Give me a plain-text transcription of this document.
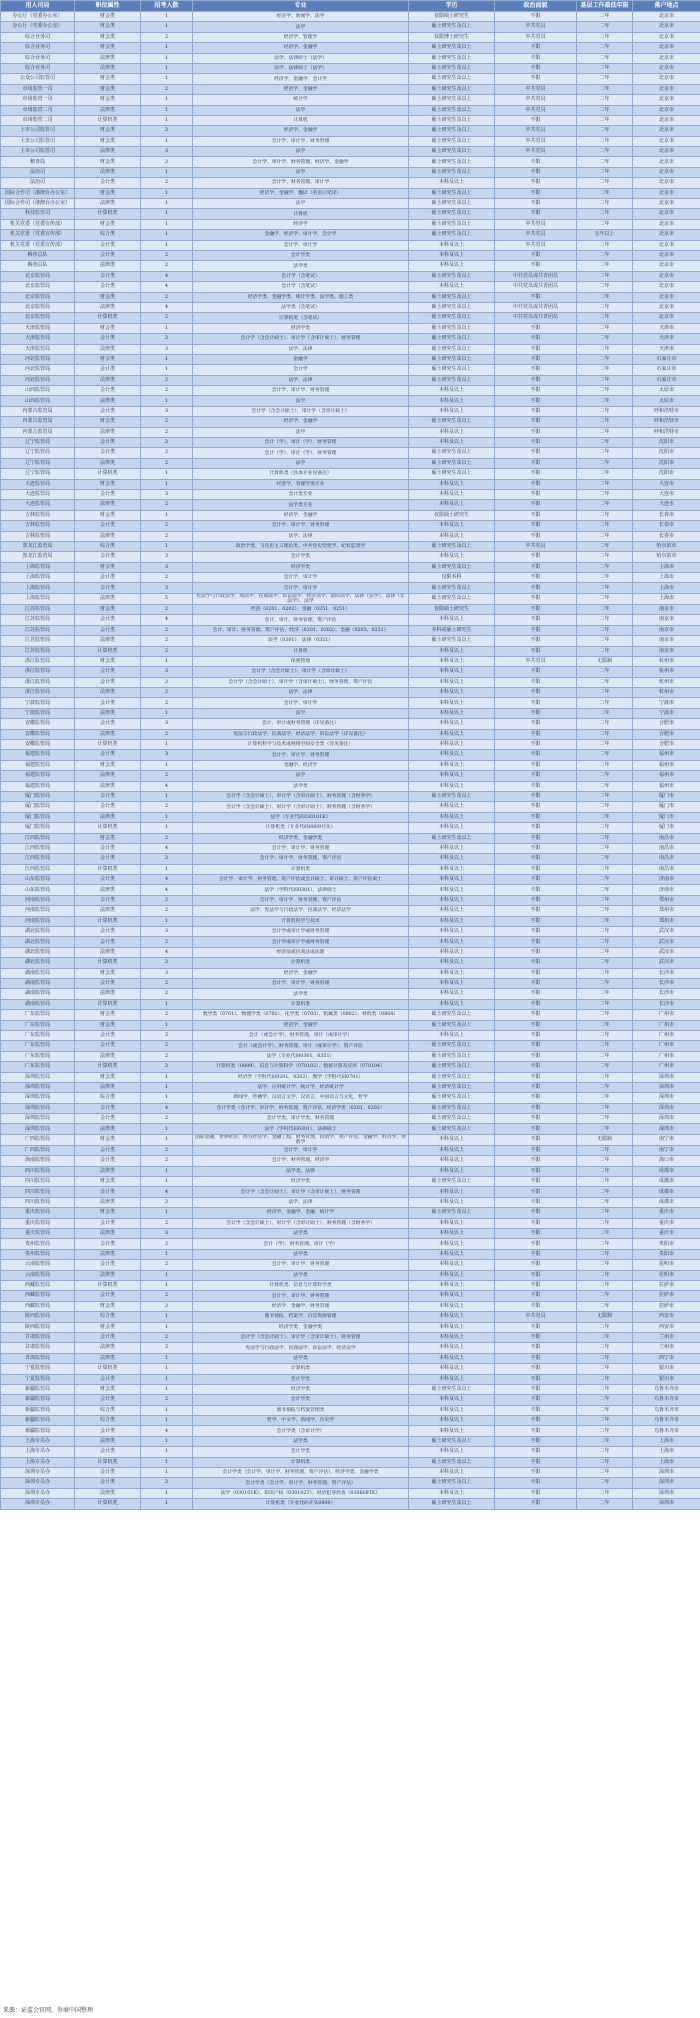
用人司局	职位属性	招考人数	专业	学历	政治面貌	基层工作最低年限	落户地点
办公厅（党委办公室）	财会类	1	经济学、新闻学、法学	仅限硕士研究生	不限	二年	北京市
办公厅（党委办公室）	财会类	1	法学	硕士研究生及以上	中共党员	二年	北京市
综合业务司	财会类	2	经济学、管理学	仅限博士研究生	中共党员	二年	北京市
综合业务司	财会类	1	经济学、金融学	硕士研究生及以上	不限	二年	北京市
综合业务司	法律类	1	法学、法律硕士（法学）	硕士研究生及以上	不限	二年	北京市
综合业务司	法律类	1	法学、法律硕士（法学）	硕士研究生及以上	不限	二年	北京市
公众公司监管司	财会类	1	经济学、金融学、会计学	硕士研究生及以上	不限	二年	北京市
市场监管一司	财会类	2	经济学、金融学	硕士研究生及以上	中共党员	二年	北京市
市场监管一司	财会类	1	统计学	硕士研究生及以上	中共党员	二年	北京市
市场监管二司	法律类	1	法学	硕士研究生及以上	中共党员	二年	北京市
市场监管二司	计算机类	1	计算机	硕士研究生及以上	不限	二年	北京市
上市公司监管司	财会类	2	经济学、金融学	硕士研究生及以上	中共党员	二年	北京市
上市公司监管司	财会类	1	会计学、审计学、财务管理	硕士研究生及以上	中共党员	二年	北京市
上市公司监管司	法律类	3	法学	硕士研究生及以上	中共党员	二年	北京市
稽查局	财会类	2	会计学、审计学、财务管理、经济学、金融学	硕士研究生及以上	不限	二年	北京市
法治司	法律类	1	法学	硕士研究生及以上	不限	二年	北京市
法治司	会计类	2	会计学、财务管理、审计学	本科及以上	不限	二年	北京市
国际合作司（港澳台办公室）	财会类	1	经济学、金融学、翻译（英语口笔译）	硕士研究生及以上	不限	二年	北京市
国际合作司（港澳台办公室）	法律类	1	法学	硕士研究生及以上	不限	二年	北京市
科技监管司	计算机类	1	计算机	硕士研究生及以上	不限	二年	北京市
机关党委（党委宣传部）	财会类	1	经济学	硕士研究生及以上	中共党员	二年	北京市
机关党委（党委宣传部）	综合类	1	金融学、经济学、审计学、会计学	硕士研究生及以上	中共党员	五年以上	北京市
机关党委（党委宣传部）	会计类	1	会计学、审计学	本科及以上	中共党员	二年	北京市
稽查总队	会计类	2	会计学类	本科及以上	不限	二年	北京市
稽查总队	法律类	2	法学类	本科及以上	不限	二年	北京市
北京监管局	会计类	4	会计学（含笔试）	硕士研究生及以上	中共党员或共青团员	二年	北京市
北京监管局	会计类	4	会计学（含笔试）	本科及以上	中共党员或共青团员	二年	北京市
北京监管局	财会类	2	经济学类、金融学类、统计学类、法学类、理工类	硕士研究生及以上	不限	二年	北京市
北京监管局	法律类	4	法学类（含笔试）	硕士研究生及以上	中共党员或共青团员	二年	北京市
北京监管局	计算机类	2	计算机类（含笔试）	硕士研究生及以上	中共党员或共青团员	二年	北京市
天津监管局	财会类	1	经济学类	硕士研究生及以上	不限	二年	天津市
天津监管局	会计类	2	会计学（含会计硕士）、审计学（含审计硕士）、财务管理	硕士研究生及以上	不限	二年	天津市
天津监管局	法律类	3	法学、法律	硕士研究生及以上	不限	二年	天津市
河北监管局	财会类	1	金融学	硕士研究生及以上	不限	二年	石家庄市
河北监管局	会计类	1	会计学	硕士研究生及以上	不限	二年	石家庄市
河北监管局	法律类	2	法学、法律	硕士研究生及以上	不限	二年	石家庄市
山西监管局	会计类	2	会计学、审计学、财务管理	本科及以上	不限	二年	太原市
山西监管局	法律类	1	法学	本科及以上	不限	二年	太原市
内蒙古监管局	会计类	3	会计学（含会计硕士）、审计学（含审计硕士）	本科及以上	不限	二年	呼和浩特市
内蒙古监管局	财会类	2	经济学、金融学	硕士研究生及以上	不限	二年	呼和浩特市
内蒙古监管局	法律类	2	法学	本科及以上	不限	二年	呼和浩特市
辽宁监管局	会计类	2	会计（学）、审计（学）、财务管理	本科及以上	不限	二年	沈阳市
辽宁监管局	会计类	2	会计（学）、审计（学）、财务管理	硕士研究生及以上	不限	二年	沈阳市
辽宁监管局	法律类	2	法学	硕士研究生及以上	不限	二年	沈阳市
辽宁监管局	计算机类	1	计算机类（具体专业见备注）	硕士研究生及以上	不限	二年	沈阳市
大连监管局	财会类	1	经济学、管理学类专业	本科及以上	不限	二年	大连市
大连监管局	会计类	3	会计类专业	本科及以上	不限	二年	大连市
大连监管局	法律类	2	法学类专业	本科及以上	不限	二年	大连市
吉林监管局	财会类	1	经济学、金融学	仅限硕士研究生	不限	二年	长春市
吉林监管局	会计类	2	会计学、审计学、财务管理	本科及以上	不限	二年	长春市
吉林监管局	法律类	2	法学、法律	本科及以上	不限	二年	长春市
黑龙江监管局	综合类	1	政治学类、马克思主义理论类、中共党史党建学、纪检监察学	硕士研究生及以上	中共党员	二年	哈尔滨市
黑龙江监管局	会计类	3	会计学类	本科及以上	不限	二年	哈尔滨市
上海监管局	财会类	3	经济学类	硕士研究生及以上	不限	二年	上海市
上海监管局	会计类	2	会计学、审计学	仅限本科	不限	二年	上海市
上海监管局	会计类	3	会计学、审计学	硕士研究生及以上	不限	二年	上海市
上海监管局	法律类	5	宪法学与行政法学、刑法学、民商法学、诉讼法学、经济法学、国际法学、法律（法学）、法律（非法学）、法学	硕士研究生及以上	不限	二年	上海市
江苏监管局	财会类	2	经济（0201、0202）、金融（0251、0251）	仅限硕士研究生	不限	二年	南京市
江苏监管局	会计类	4	会计、审计、财务管理、资产评估	本科及以上	不限	二年	南京市
江苏监管局	会计类	2	会计、审计、财务管理、资产评估、经济（0201、0202）、金融（0203、0251）	本科或硕士研究生	不限	二年	南京市
江苏监管局	法律类	2	法学（0301）、法律（0351）	硕士研究生及以上	不限	二年	南京市
江苏监管局	计算机类	2	计算机	本科及以上	不限	二年	南京市
浙江监管局	财会类	1	保密管理	本科及以上	中共党员	无限制	杭州市
浙江监管局	会计类	3	会计学（含会计硕士）、审计学（含审计硕士）	本科及以上	不限	二年	杭州市
浙江监管局	会计类	2	会计学（含会计硕士）、审计学（含审计硕士）、财务管理、资产评估	本科及以上	不限	二年	杭州市
浙江监管局	法律类	2	法学、法律	本科及以上	不限	二年	杭州市
宁波监管局	会计类	2	会计学、审计学	本科及以上	不限	二年	宁波市
宁波监管局	法律类	1	法学	本科及以上	不限	二年	宁波市
安徽监管局	会计类	3	会计、审计或财务管理（详见备注）	本科及以上	不限	二年	合肥市
安徽监管局	法律类	2	宪法与行政法学、民商法学、经济法学、诉讼法学（详见备注）	本科及以上	不限	二年	合肥市
安徽监管局	计算机类	1	计算机科学与技术或网络空间安全类（详见备注）	本科及以上	不限	二年	合肥市
福建监管局	会计类	3	会计学、审计学、财务管理	本科及以上	不限	二年	福州市
福建监管局	财会类	1	金融学、经济学	本科及以上	不限	二年	福州市
福建监管局	法律类	2	法学	本科及以上	不限	二年	福州市
福建监管局	法律类	4	法学类	本科及以上	不限	二年	福州市
厦门监管局	会计类	1	会计学（含会计硕士）、审计学（含审计硕士）、财务管理（含财务学）	硕士研究生及以上	不限	二年	厦门市
厦门监管局	会计类	2	会计学（含会计硕士）、审计学（含审计硕士）、财务管理（含财务学）	本科及以上	不限	二年	厦门市
厦门监管局	法律类	1	法学（专业代码030101K）	本科及以上	不限	二年	厦门市
厦门监管局	计算机类	1	计算机类（专业代码0809开头）	本科及以上	不限	二年	厦门市
江西监管局	财会类	2	经济学类、金融学类	硕士研究生及以上	不限	二年	南昌市
江西监管局	会计类	4	会计学、审计学、财务管理	本科及以上	不限	二年	南昌市
江西监管局	会计类	2	会计学、审计学、财务管理、资产评估	本科及以上	不限	二年	南昌市
江西监管局	计算机类	1	计算机类	本科及以上	不限	二年	南昌市
山东监管局	会计类	4	会计学、审计学、财务管理、资产评估或会计硕士、审计硕士、资产评估硕士	本科及以上	不限	二年	济南市
山东监管局	法律类	4	法学（学科代码0301）、法律硕士	本科及以上	不限	二年	济南市
河南监管局	会计类	2	会计学、审计学、财务管理、资产评估	本科及以上	不限	二年	郑州市
河南监管局	法律类	2	法学、宪法学与行政法学、民商法学、经济法学	本科及以上	不限	二年	郑州市
河南监管局	计算机类	1	计算机科学与技术	本科及以上	不限	二年	郑州市
湖北监管局	会计类	3	会计学或审计学或财务管理	本科及以上	不限	二年	武汉市
湖北监管局	会计类	2	会计学或审计学或财务管理	本科及以上	不限	二年	武汉市
湖北监管局	法律类	4	经济法或民商法或法理	本科及以上	不限	二年	武汉市
湖北监管局	计算机类	2	计算机类	本科及以上	不限	二年	武汉市
湖南监管局	财会类	3	经济学、金融学	本科及以上	不限	二年	长沙市
湖南监管局	会计类	2	会计学、审计学、财务管理	本科及以上	不限	二年	长沙市
湖南监管局	法律类	2	法学类	本科及以上	不限	二年	长沙市
湖南监管局	计算机类	1	计算机类	本科及以上	不限	二年	长沙市
广东监管局	财会类	2	数学类（0701）、物理学类（0702）、化学类（0703）、机械类（0802）、材料类（0804）	硕士研究生及以上	不限	二年	广州市
广东监管局	财会类	1	经济学、金融学	硕士研究生及以上	不限	二年	广州市
广东监管局	会计类	2	会计（或会计学）、财务管理、审计（或审计学）	本科及以上	不限	二年	广州市
广东监管局	会计类	2	会计（或会计学）、财务管理、审计（或审计学）、资产评估	硕士研究生及以上	不限	二年	广州市
广东监管局	法律类	2	法学（专业代码0301、0351）	硕士研究生及以上	不限	二年	广州市
广东监管局	计算机类	2	计算机类（0809）、信息与计算科学（070102）、数据计算及应用（070104）	硕士研究生及以上	不限	二年	广州市
深圳监管局	财会类	1	经济学（学科代码0201、0202）、数学（学科代码0701）	硕士研究生及以上	不限	二年	深圳市
深圳监管局	法律类	1	法学、应用统计学、统计学、经济统计学	硕士研究生及以上	不限	二年	深圳市
深圳监管局	综合类	1	新闻学、传播学、汉语言文学、汉语言、中国语言与文化、哲学	硕士研究生及以上	不限	二年	深圳市
深圳监管局	会计类	4	会计学类（会计学、审计学、财务管理、资产评估、经济学类（0201、0202）	硕士研究生及以上	不限	二年	深圳市
深圳监管局	会计类	2	会计学类、审计学类、财务管理	硕士研究生及以上	不限	二年	深圳市
深圳监管局	法律类	1	法学（学科代码0301）、法律硕士	硕士研究生及以上	不限	二年	深圳市
广西监管局	财会类	1	国际金融、世界经济、西方经济学、金融工程、财务管理、投资学、资产评估、金融学、经济学、财政学	本科及以上	不限	无限制	南宁市
广西监管局	会计类	2	会计学、审计学	本科及以上	不限	二年	南宁市
海南监管局	会计类	2	会计学、财务管理、经济学	本科及以上	不限	二年	海口市
四川监管局	法律类	1	法学类、法律	本科及以上	不限	二年	成都市
四川监管局	财会类	1	经济学类	硕士研究生及以上	不限	二年	成都市
四川监管局	会计类	4	会计学（含会计硕士）、审计学（含审计硕士）、财务管理	本科及以上	不限	二年	成都市
四川监管局	法律类	2	法学、法律	本科及以上	不限	二年	成都市
重庆监管局	财会类	1	经济学、金融学、金融、统计学	硕士研究生及以上	不限	二年	重庆市
重庆监管局	会计类	2	会计学（含会计硕士）、审计学（含审计硕士）、财务管理（含财务学）	本科及以上	不限	二年	重庆市
重庆监管局	法律类	3	法学类	本科及以上	不限	二年	重庆市
贵州监管局	会计类	2	会计（学）、财务管理、审计（学）	本科及以上	不限	二年	贵阳市
贵州监管局	法律类	1	法学类	本科及以上	不限	二年	贵阳市
云南监管局	会计类	2	会计学、审计学、财务管理	本科及以上	不限	二年	昆明市
云南监管局	法律类	1	法学类	本科及以上	不限	二年	昆明市
西藏监管局	计算机类	1	计算机类、信息与计算科学类	本科及以上	不限	二年	拉萨市
西藏监管局	会计类	2	会计学、审计学、财务管理	本科及以上	不限	二年	拉萨市
西藏监管局	财会类	2	经济学、金融学、财务管理	本科及以上	不限	二年	拉萨市
陕西监管局	综合类	1	图书情报、档案学、信息资源管理	本科及以上	中共党员	无限制	西安市
陕西监管局	财会类	1	经济学类、金融学类	本科及以上	不限	二年	西安市
甘肃监管局	会计类	2	会计学（含会计硕士）、审计学（含审计硕士）、财务管理	本科及以上	不限	二年	兰州市
甘肃监管局	法律类	2	宪法学与行政法学、民商法学、诉讼法学、经济法学	本科及以上	不限	二年	兰州市
青海监管局	法律类	1	法学类	本科及以上	不限	二年	西宁市
宁夏监管局	计算机类	1	计算机类	本科及以上	不限	二年	银川市
宁夏监管局	会计类	1	会计学类	本科及以上	不限	二年	银川市
新疆监管局	财会类	1	经济学类	硕士研究生及以上	不限	二年	乌鲁木齐市
新疆监管局	会计类	2	会计学类	本科及以上	不限	二年	乌鲁木齐市
新疆监管局	综合类	1	图书情报与档案管理类	本科及以上	不限	二年	乌鲁木齐市
新疆监管局	综合类	1	哲学、中文学、新闻学、历史学	本科及以上	不限	二年	乌鲁木齐市
新疆监管局	会计类	4	会计学类（含审计学）	本科及以上	不限	二年	乌鲁木齐市
上海专员办	法律类	1	法学类	硕士研究生及以上	不限	二年	上海市
上海专员办	会计类	1	会计学类	本科及以上	不限	二年	上海市
上海专员办	计算机类	1	计算机类	硕士研究生及以上	不限	二年	上海市
深圳专员办	会计类	1	会计学类（会计学、审计学、财务管理、资产评估）、经济学类、金融学类	本科及以上	不限	二年	深圳市
深圳专员办	会计类	2	会计学类（会计学、审计学、财务管理、资产评估）	硕士研究生及以上	不限	二年	深圳市
深圳专员办	法律类	1	法学（030101K）、知识产权（030102T）、经济犯罪侦查（030609TK）	本科及以上	不限	二年	深圳市
深圳专员办	计算机类	1	计算机类（专业代码开头0809）	硕士研究生及以上	不限	二年	深圳市
来源：证监会官网，券商中国整理
